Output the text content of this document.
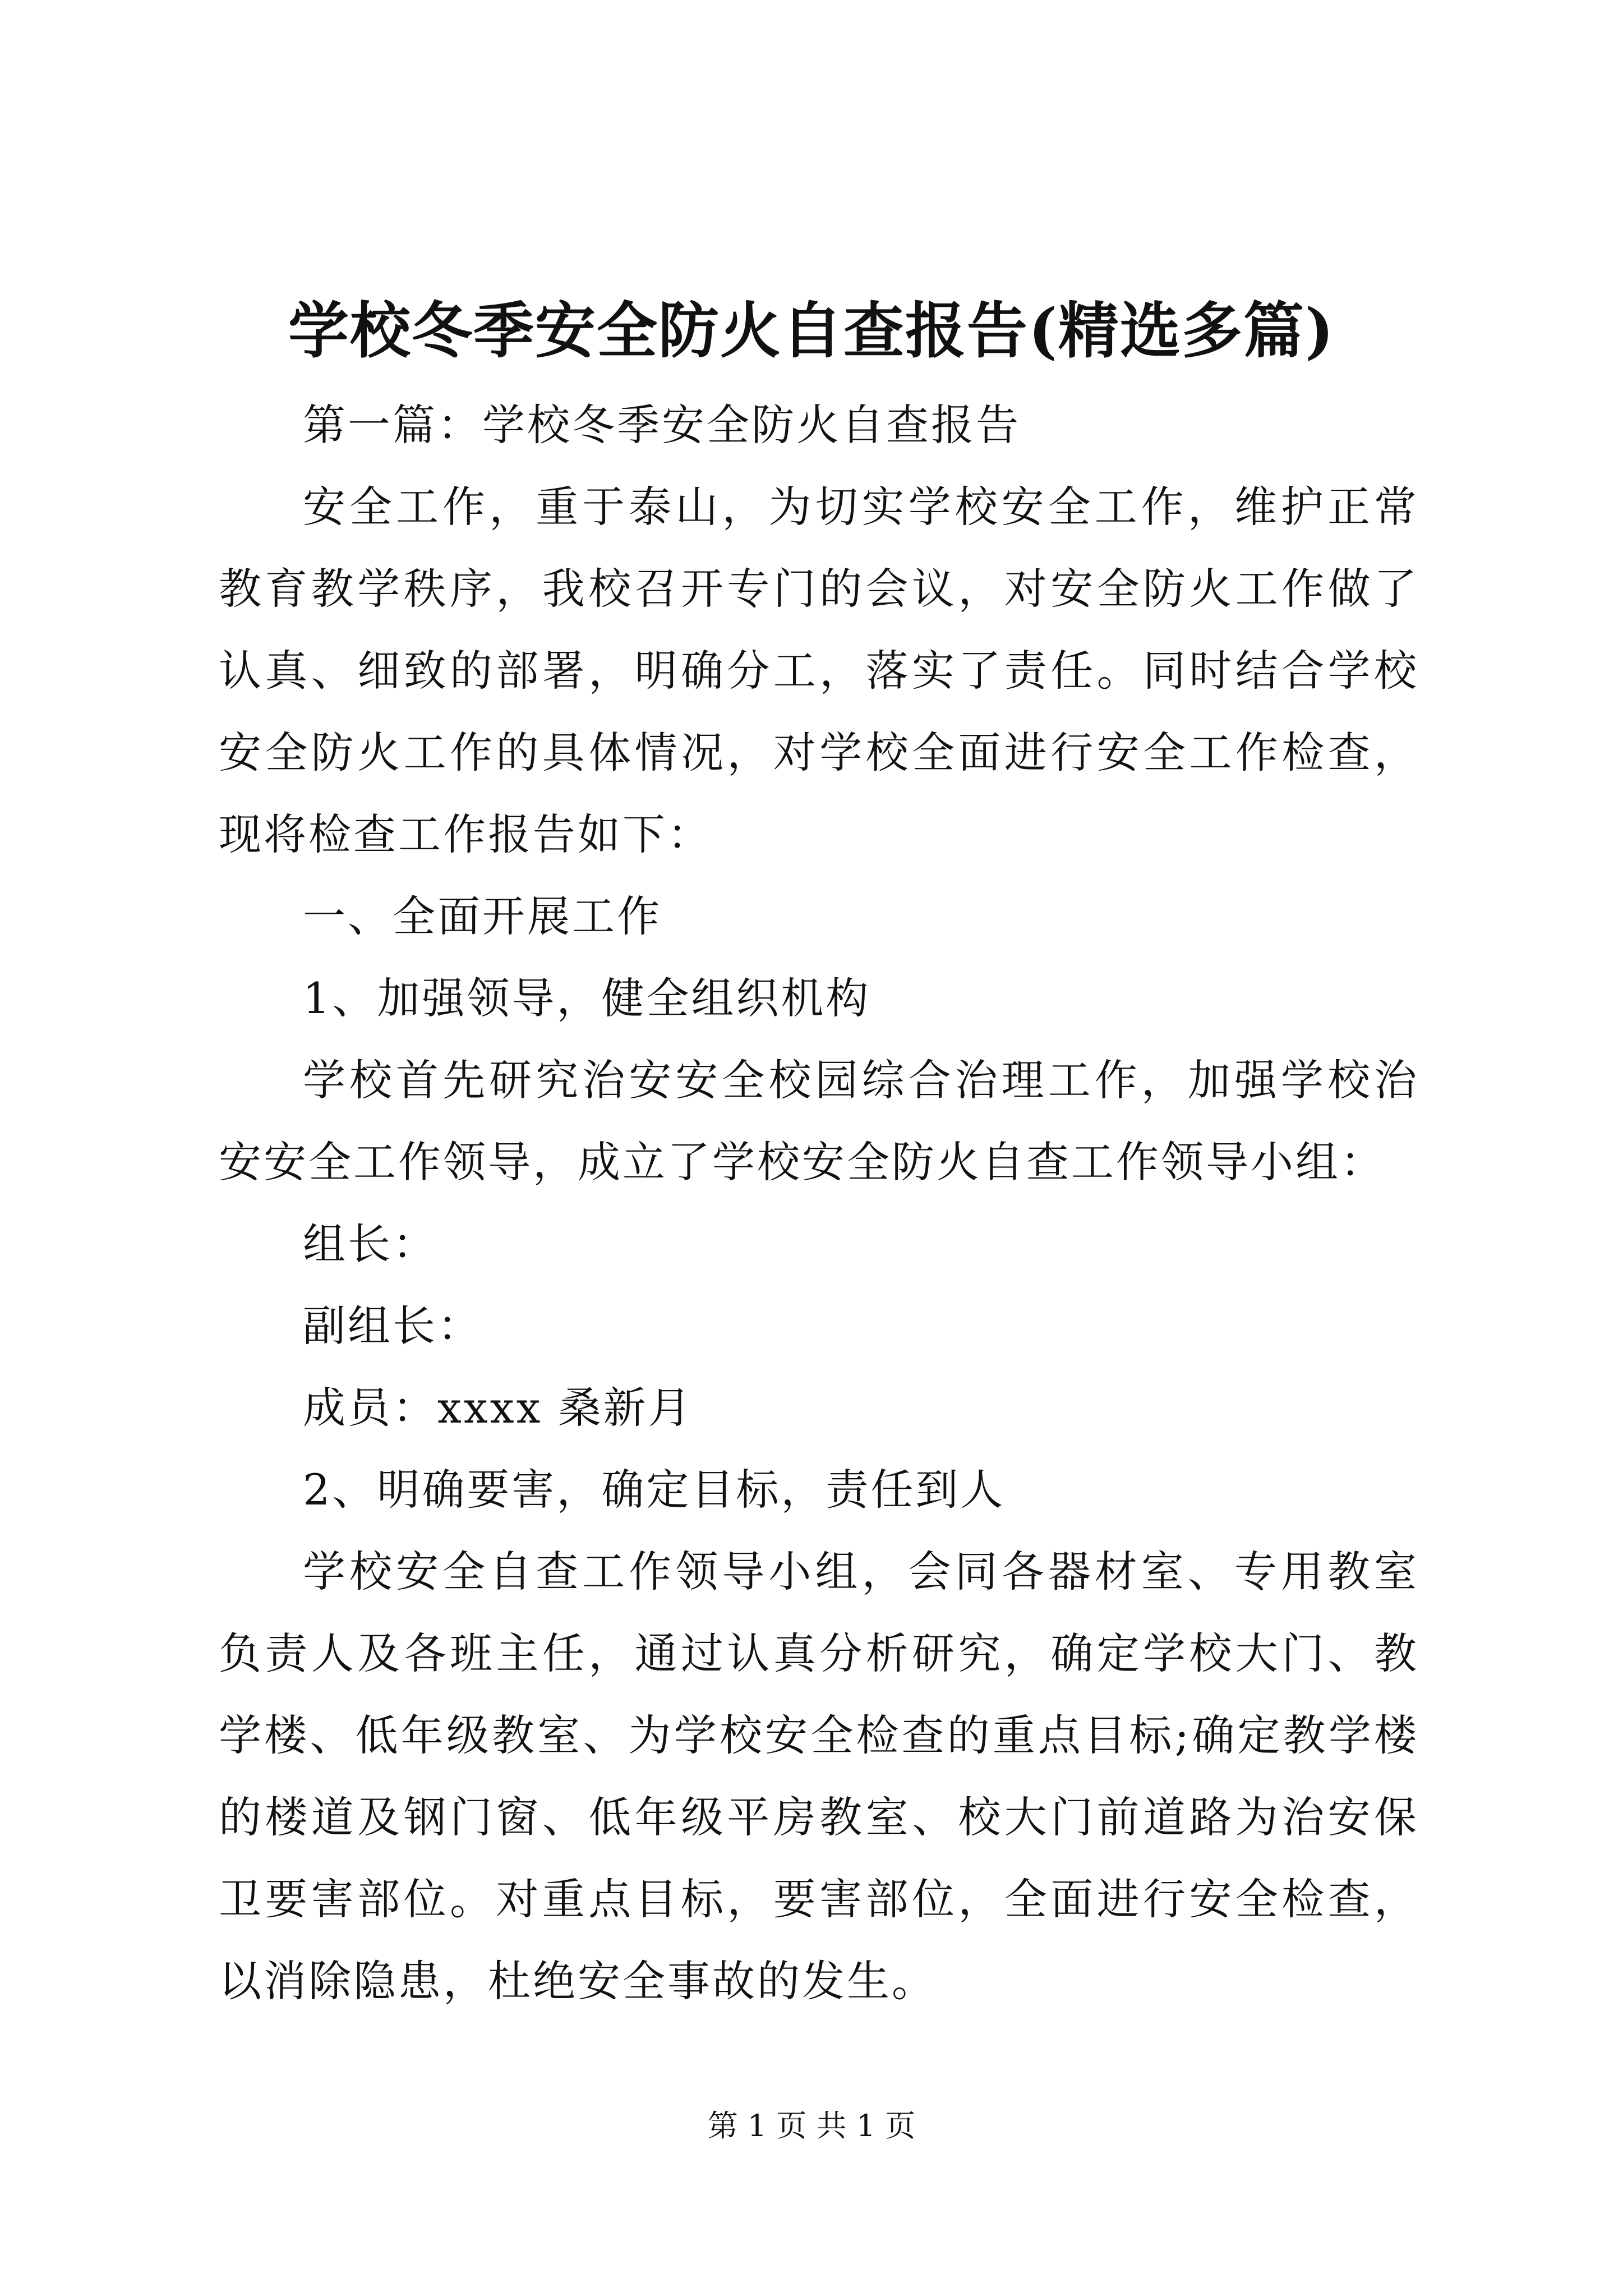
学校冬季安全防火自查报告(精选多篇)

第一篇：学校冬季安全防火自查报告

安全工作，重于泰山，为切实学校安全工作，维护正常教育教学秩序，我校召开专门的会议，对安全防火工作做了认真、细致的部署，明确分工，落实了责任。同时结合学校安全防火工作的具体情况，对学校全面进行安全工作检查，现将检查工作报告如下：

一、全面开展工作

1、加强领导，健全组织机构

学校首先研究治安安全校园综合治理工作，加强学校治安安全工作领导，成立了学校安全防火自查工作领导小组：

组长：

副组长：

成员：xxxx 桑新月

2、明确要害，确定目标，责任到人

学校安全自查工作领导小组，会同各器材室、专用教室负责人及各班主任，通过认真分析研究，确定学校大门、教学楼、低年级教室、为学校安全检查的重点目标;确定教学楼的楼道及钢门窗、低年级平房教室、校大门前道路为治安保卫要害部位。对重点目标，要害部位，全面进行安全检查，以消除隐患，杜绝安全事故的发生。

第 1 页 共 1 页
